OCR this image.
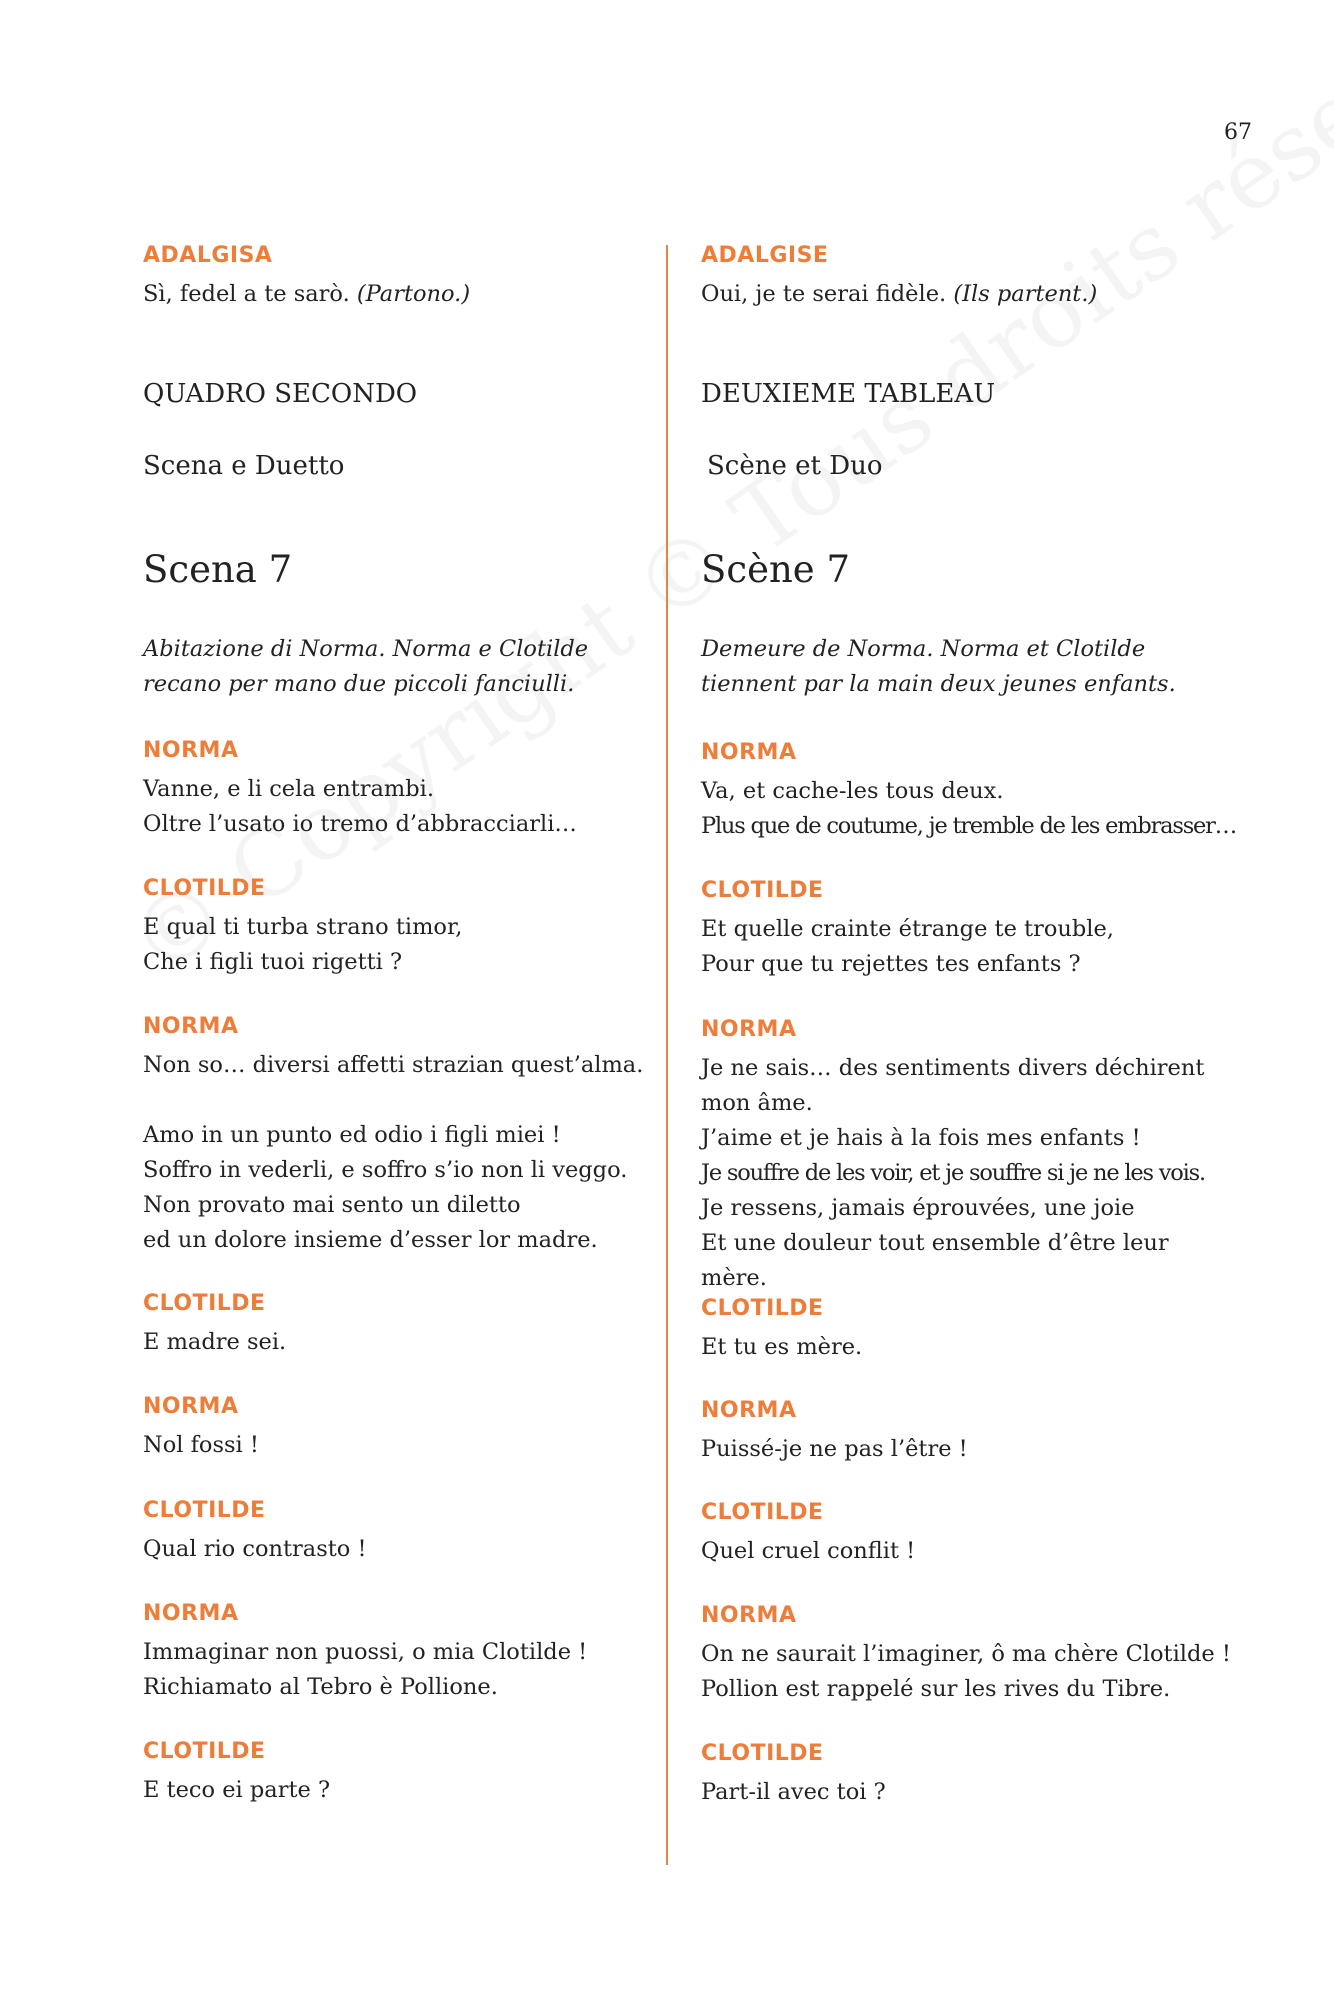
67
ADALGISA
Sì, fedel a te sarò. (Partono.)
QUADRO SECONDO
Scena e Duetto
Scena 7
Abitazione di Norma. Norma e Clotilde
recano per mano due piccoli fanciulli.
NORMA
Vanne, e li cela entrambi.
Oltre l’usato io tremo d’abbracciarli…
CLOTILDE
E qual ti turba strano timor,
Che i figli tuoi rigetti ?
NORMA
Non so… diversi affetti strazian quest’alma.

Amo in un punto ed odio i figli miei !
Soffro in vederli, e soffro s’io non li veggo.
Non provato mai sento un diletto
ed un dolore insieme d’esser lor madre.
CLOTILDE
E madre sei.
NORMA
Nol fossi !
CLOTILDE
Qual rio contrasto !
NORMA
Immaginar non puossi, o mia Clotilde !
Richiamato al Tebro è Pollione.
CLOTILDE
E teco ei parte ?
ADALGISE
Oui, je te serai fidèle. (Ils partent.)
DEUXIEME TABLEAU
Scène et Duo
Scène 7
Demeure de Norma. Norma et Clotilde
tiennent par la main deux jeunes enfants.
NORMA
Va, et cache-les tous deux.
Plus que de coutume, je tremble de les embrasser…
CLOTILDE
Et quelle crainte étrange te trouble,
Pour que tu rejettes tes enfants ?
NORMA
Je ne sais… des sentiments divers déchirent
mon âme.
J’aime et je hais à la fois mes enfants !
Je souffre de les voir, et je souffre si je ne les vois.
Je ressens, jamais éprouvées, une joie
Et une douleur tout ensemble d’être leur mère.
CLOTILDE
Et tu es mère.
NORMA
Puissé-je ne pas l’être !
CLOTILDE
Quel cruel conflit !
NORMA
On ne saurait l’imaginer, ô ma chère Clotilde !
Pollion est rappelé sur les rives du Tibre.
CLOTILDE
Part-il avec toi ?
